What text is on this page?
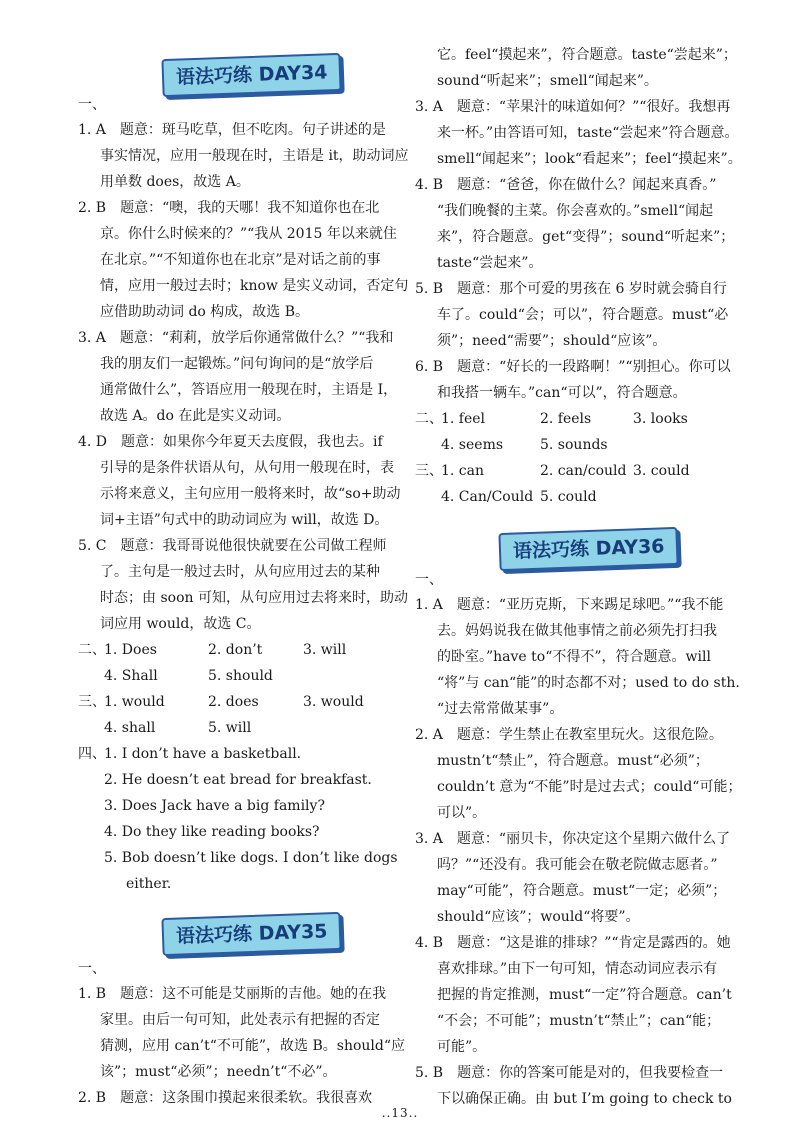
语法巧练 DAY34
一、
1. A　题意：斑马吃草，但不吃肉。句子讲述的是
事实情况，应用一般现在时，主语是 it，助动词应
用单数 does，故选 A。
2. B　题意：“噢，我的天哪！我不知道你也在北
京。你什么时候来的？”“我从 2015 年以来就住
在北京。”“不知道你也在北京”是对话之前的事
情，应用一般过去时；know 是实义动词，否定句
应借助助动词 do 构成，故选 B。
3. A　题意：“莉莉，放学后你通常做什么？”“我和
我的朋友们一起锻炼。”问句询问的是“放学后
通常做什么”，答语应用一般现在时，主语是 I，
故选 A。do 在此是实义动词。
4. D　题意：如果你今年夏天去度假，我也去。if
引导的是条件状语从句，从句用一般现在时，表
示将来意义，主句应用一般将来时，故“so+助动
词+主语”句式中的助动词应为 will，故选 D。
5. C　题意：我哥哥说他很快就要在公司做工程师
了。主句是一般过去时，从句应用过去的某种
时态；由 soon 可知，从句应用过去将来时，助动
词应用 would，故选 C。
二、
1. Does	2. don’t	3. will
4. Shall	5. should
三、
1. would	2. does	3. would
4. shall	5. will
四、
1. I don’t have a basketball.
2. He doesn’t eat bread for breakfast.
3. Does Jack have a big family?
4. Do they like reading books?
5. Bob doesn’t like dogs. I don’t like dogs
either.
语法巧练 DAY35
一、
1. B　题意：这不可能是艾丽斯的吉他。她的在我
家里。由后一句可知，此处表示有把握的否定
猜测，应用 can’t“不可能”，故选 B。should“应
该”；must“必须”；needn’t“不必”。
2. B　题意：这条围巾摸起来很柔软。我很喜欢
它。feel“摸起来”，符合题意。taste“尝起来”；
sound“听起来”；smell“闻起来”。
3. A　题意：“苹果汁的味道如何？”“很好。我想再
来一杯。”由答语可知，taste“尝起来”符合题意。
smell“闻起来”；look“看起来”；feel“摸起来”。
4. B　题意：“爸爸，你在做什么？闻起来真香。”
“我们晚餐的主菜。你会喜欢的。”smell“闻起
来”，符合题意。get“变得”；sound“听起来”；
taste“尝起来”。
5. B　题意：那个可爱的男孩在 6 岁时就会骑自行
车了。could“会；可以”，符合题意。must“必
须”；need“需要”；should“应该”。
6. B　题意：“好长的一段路啊！”“别担心。你可以
和我搭一辆车。”can“可以”，符合题意。
二、
1. feel	2. feels	3. looks
4. seems	5. sounds
三、
1. can	2. can/could 3. could
4. Can/Could 5. could
语法巧练 DAY36
一、
1. A　题意：“亚历克斯，下来踢足球吧。”“我不能
去。妈妈说我在做其他事情之前必须先打扫我
的卧室。”have to“不得不”，符合题意。will
“将”与 can“能”的时态都不对；used to do sth.
“过去常常做某事”。
2. A　题意：学生禁止在教室里玩火。这很危险。
mustn’t“禁止”，符合题意。must“必须”；
couldn’t 意为“不能”时是过去式；could“可能；
可以”。
3. A　题意：“丽贝卡，你决定这个星期六做什么了
吗？”“还没有。我可能会在敬老院做志愿者。”
may“可能”，符合题意。must“一定；必须”；
should“应该”；would“将要”。
4. B　题意：“这是谁的排球？”“肯定是露西的。她
喜欢排球。”由下一句可知，情态动词应表示有
把握的肯定推测，must“一定”符合题意。can’t
“不会；不可能”；mustn’t“禁止”；can“能；
可能”。
5. B　题意：你的答案可能是对的，但我要检查一
下以确保正确。由 but I’m going to check to
..13..
